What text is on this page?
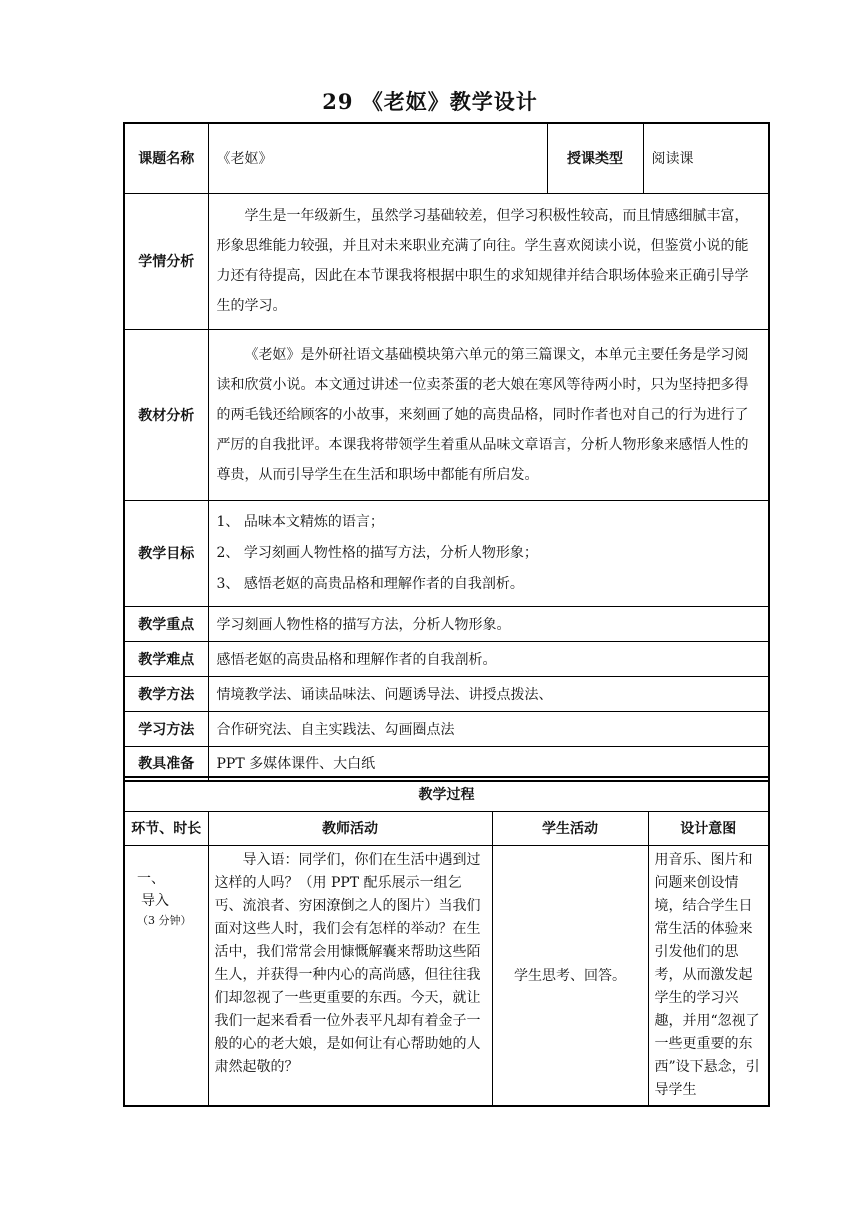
29 《老妪》教学设计
课题名称	《老妪》	授课类型	阅读课
学情分析	学生是一年级新生，虽然学习基础较差，但学习积极性较高，而且情感细腻丰富，形象思维能力较强，并且对未来职业充满了向往。学生喜欢阅读小说，但鉴赏小说的能力还有待提高，因此在本节课我将根据中职生的求知规律并结合职场体验来正确引导学生的学习。		
教材分析	《老妪》是外研社语文基础模块第六单元的第三篇课文，本单元主要任务是学习阅读和欣赏小说。本文通过讲述一位卖茶蛋的老大娘在寒风等待两小时，只为坚持把多得的两毛钱还给顾客的小故事，来刻画了她的高贵品格，同时作者也对自己的行为进行了严厉的自我批评。本课我将带领学生着重从品味文章语言，分析人物形象来感悟人性的尊贵，从而引导学生在生活和职场中都能有所启发。		
教学目标	1、 品味本文精炼的语言；
2、 学习刻画人物性格的描写方法，分析人物形象；
3、 感悟老妪的高贵品格和理解作者的自我剖析。		

教学重点	学习刻画人物性格的描写方法，分析人物形象。		
教学难点	感悟老妪的高贵品格和理解作者的自我剖析。		
教学方法	情境教学法、诵读品味法、问题诱导法、讲授点拨法、		
学习方法	合作研究法、自主实践法、勾画圈点法		
教具准备	PPT 多媒体课件、大白纸		
教学过程			
环节、时长	教师活动	学生活动	设计意图

一、
导入
（3 分钟）	导入语：同学们，你们在生活中遇到过这样的人吗？（用 PPT 配乐展示一组乞丐、流浪者、穷困潦倒之人的图片）当我们面对这些人时，我们会有怎样的举动？在生活中，我们常常会用慷慨解囊来帮助这些陌生人，并获得一种内心的高尚感，但往往我们却忽视了一些更重要的东西。今天，就让我们一起来看看一位外表平凡却有着金子一般的心的老大娘，是如何让有心帮助她的人肃然起敬的？	学生思考、回答。	用音乐、图片和问题来创设情境，结合学生日常生活的体验来引发他们的思考，从而激发起学生的学习兴趣，并用“忽视了一些更重要的东西”设下悬念，引导学生
